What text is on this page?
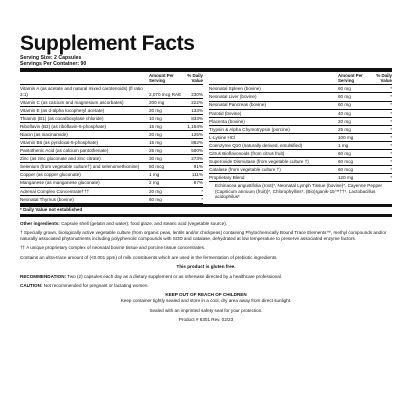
Supplement Facts
Serving Size: 2 Capsules
Servings Per Container: 90
Amount Per Serving
% Daily Value
Vitamin A (as acetate and natural mixed carotenoids) (fl ratio 3:1)	2,070 mcg RAE	230%
Vitamin C (as calcium and magnesium ascorbates)	200 mg	222%
Vitamin E (as d-alpha tocopheryl acetate)	20 mg	133%
Thiamin (B1) (as cocarboxylase chloride)	10 mg	833%
Riboflavin (B2) (as riboflavin-5-phosphate)	15 mg	1,154%
Niacin (as niacinamide)	20 mg	125%
Vitamin B6 (as pyridoxal-5-phosphate)	15 mg	882%
Pantothenic Acid (as calcium pantothenate)	25 mg	500%
Zinc (as zinc gluconate and zinc citrate)	30 mg	273%
Selenium (from vegetable culture†) and selenomethionine)	50 mcg	91%
Copper (as copper gluconate)	1 mg	111%
Manganese (as manganese gluconate)	2 mg	87%
Adrenal Complex Concentrate†††	20 mg	*
Neonatal Thymus (bovine)	60 mg	*
Amount Per Serving
% Daily Value
Neonatal Spleen (bovine)	60 mg	*
Neonatal Liver (bovine)	60 mg	*
Neonatal Pancreas (bovine)	60 mg	*
Parotid (bovine)	40 mg	*
Placenta (bovine)	20 mg	*
Trypsin & Alpha Chymotrypsin (porcine)	25 mg	*
L-Lysine HCl	100 mg	*
Coenzyme Q10 (naturally derived, emulsified)	1 mg	*
Citrus Bioflavonoids (from citrus fruit)	60 mg	*
Superoxide Dismutase (from vegetable culture †)	60 mcg	*
Catalase (from vegetable culture †)	60 mcg	*
Proprietary Blend	120 mg	*
Echinacea angustifolia (root)*, Neonatal Lymph Tissue (bovine)*, Cayenne Pepper (Capsicum annuum (fruit))*, Chlorophyllins*, (Bio)rganik-15™††*, Lactobacillus acidophilus*
* Daily Value not established
Other ingredients: Capsule shell (gelatin and water), food glaze, and stearic acid (vegetable source).
† Specially grown, biologically active vegetable culture (from organic peas, lentils and/or chickpeas) containing Phytochemically Bound Trace Elements™, methyl compounds and/or naturally associated phytonutrients including polyphenolic compounds with SOD and catalase, dehydrated at low temperature to preserve associated enzyme factors.
†† A unique proprietary complex of neonatal bovine tissue and porcine tissue concentrates.
Contains an ultra-trace amount of (<0.001 ppm) of milk constituents which are used in the fermentation of prebiotic ingredients.
This product is gluten free.
RECOMMENDATION: Two (2) capsules each day as a dietary supplement or as otherwise directed by a healthcare professional.
CAUTION: Not recommended for pregnant or lactating women.
KEEP OUT OF REACH OF CHILDREN
Keep container tightly sealed and store in a cool, dry area away from direct sunlight.
Sealed with an imprinted safety seal for your protection.
Product # 6301 Rev. 02/23
